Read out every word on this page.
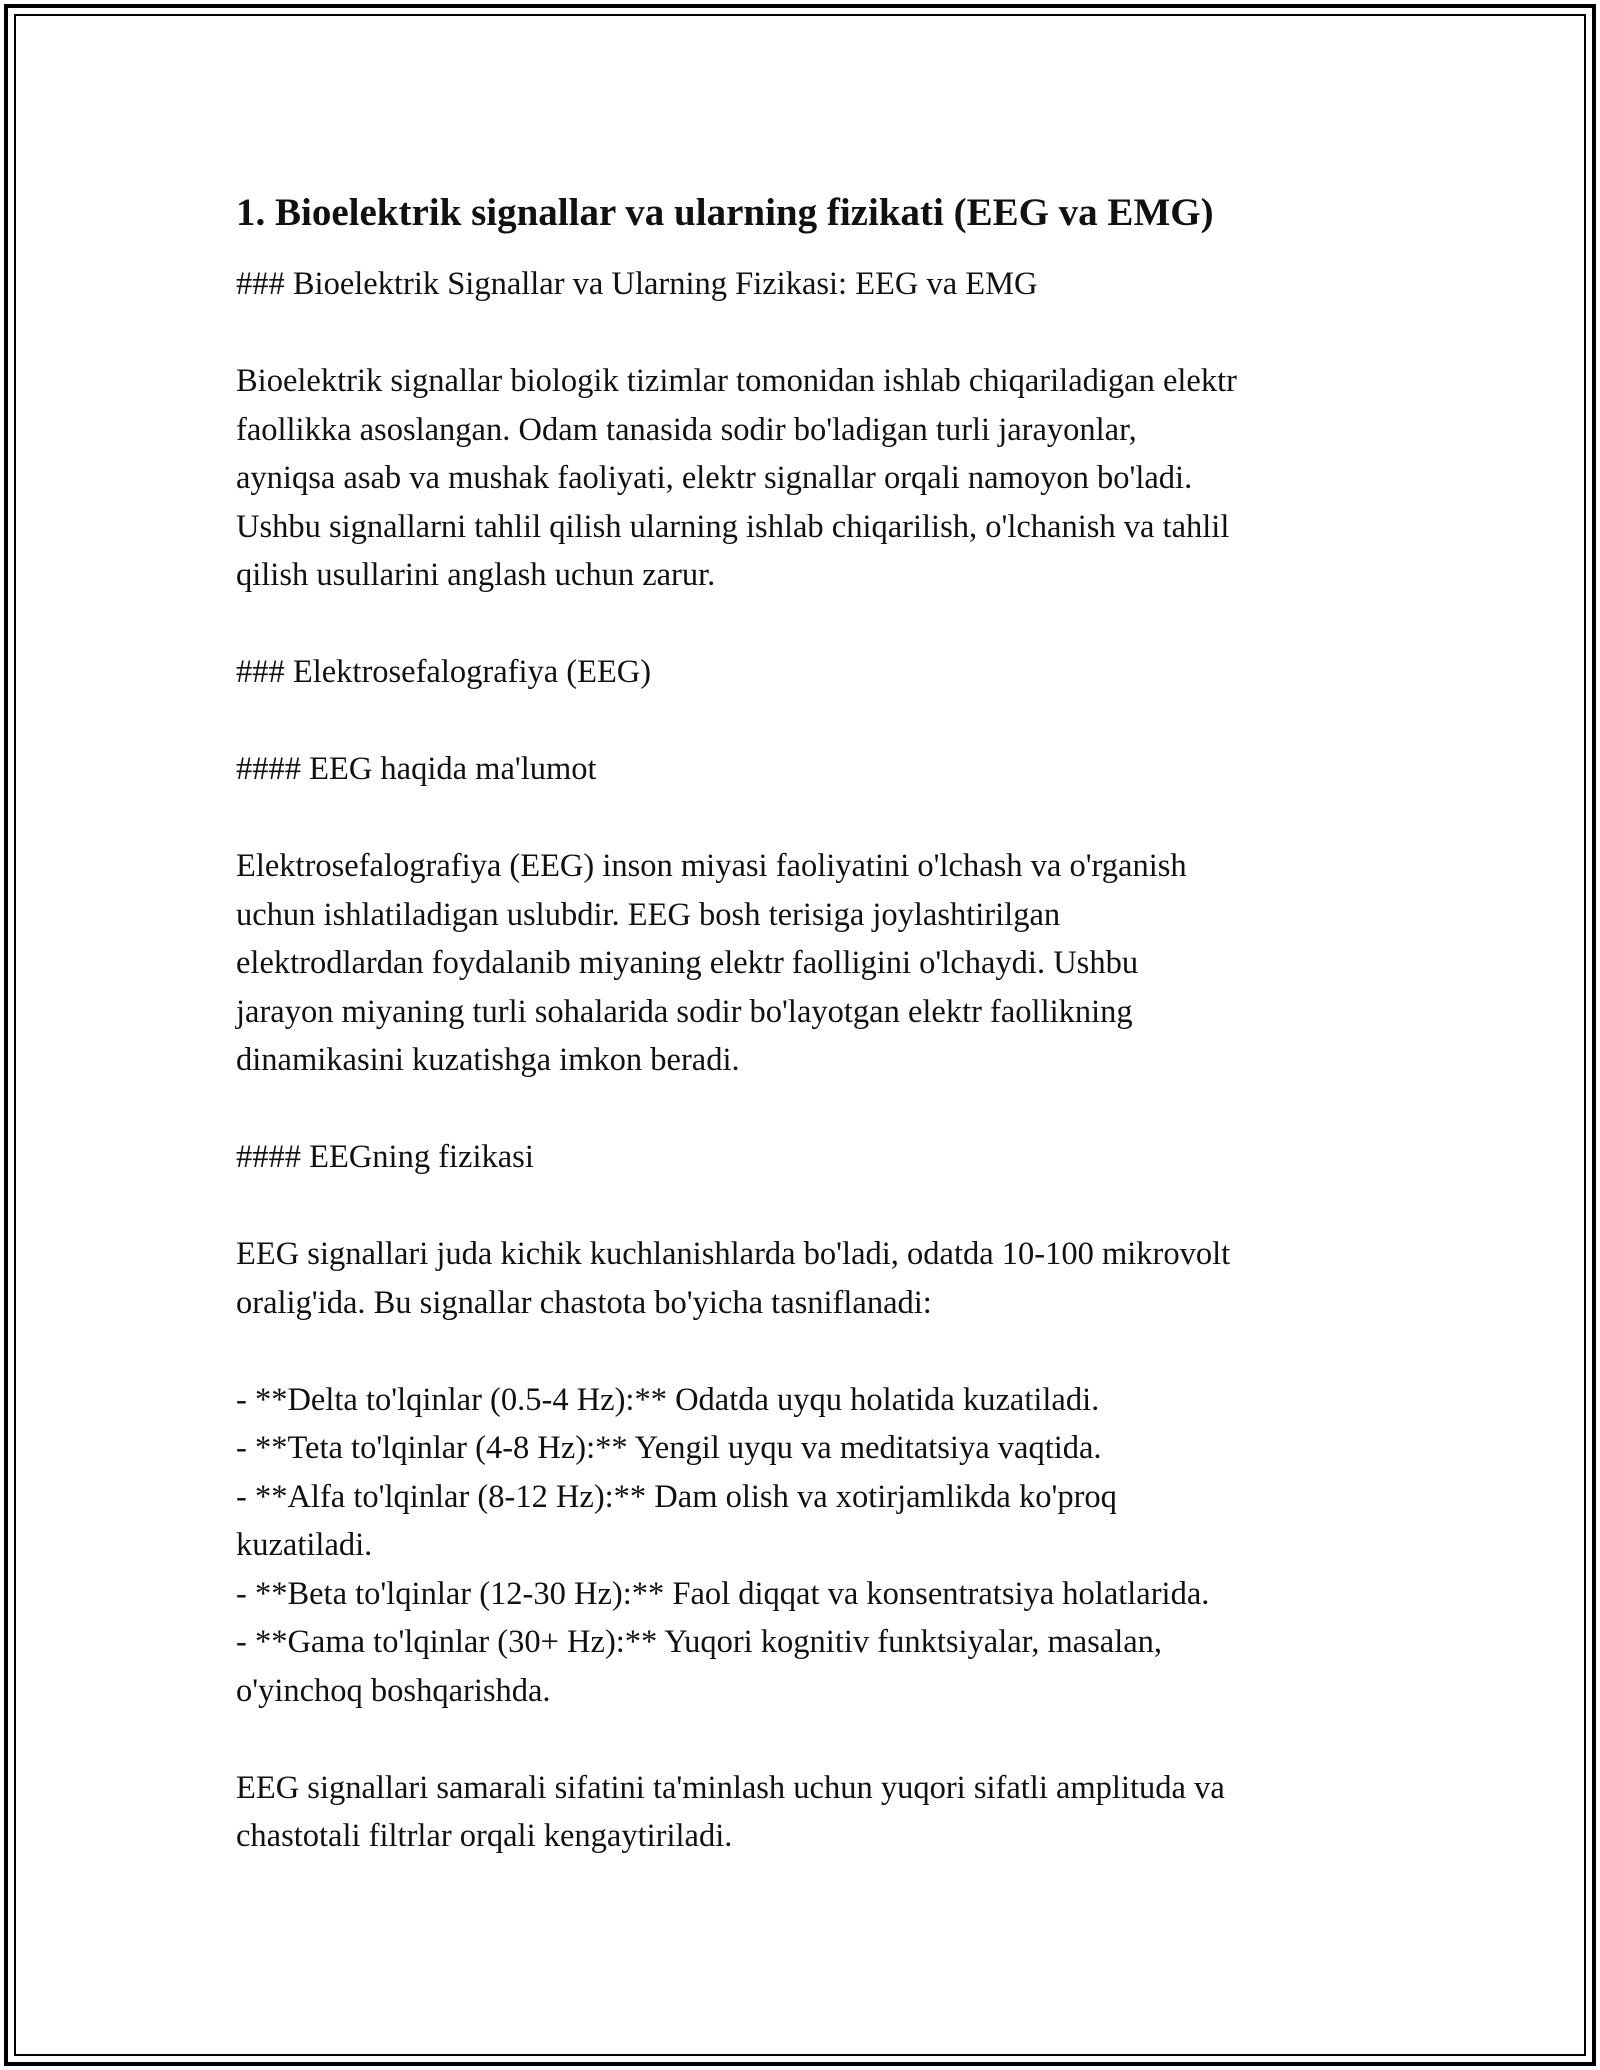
1. Bioelektrik signallar va ularning fizikati (EEG va EMG)

### Bioelektrik Signallar va Ularning Fizikasi: EEG va EMG

Bioelektrik signallar biologik tizimlar tomonidan ishlab chiqariladigan elektr

faollikka asoslangan. Odam tanasida sodir bo'ladigan turli jarayonlar,

ayniqsa asab va mushak faoliyati, elektr signallar orqali namoyon bo'ladi.

Ushbu signallarni tahlil qilish ularning ishlab chiqarilish, o'lchanish va tahlil

qilish usullarini anglash uchun zarur.

### Elektrosefalografiya (EEG)

#### EEG haqida ma'lumot

Elektrosefalografiya (EEG) inson miyasi faoliyatini o'lchash va o'rganish

uchun ishlatiladigan uslubdir. EEG bosh terisiga joylashtirilgan

elektrodlardan foydalanib miyaning elektr faolligini o'lchaydi. Ushbu

jarayon miyaning turli sohalarida sodir bo'layotgan elektr faollikning

dinamikasini kuzatishga imkon beradi.

#### EEGning fizikasi

EEG signallari juda kichik kuchlanishlarda bo'ladi, odatda 10-100 mikrovolt

oralig'ida. Bu signallar chastota bo'yicha tasniflanadi:

- **Delta to'lqinlar (0.5-4 Hz):** Odatda uyqu holatida kuzatiladi.

- **Teta to'lqinlar (4-8 Hz):** Yengil uyqu va meditatsiya vaqtida.

- **Alfa to'lqinlar (8-12 Hz):** Dam olish va xotirjamlikda ko'proq

kuzatiladi.

- **Beta to'lqinlar (12-30 Hz):** Faol diqqat va konsentratsiya holatlarida.

- **Gama to'lqinlar (30+ Hz):** Yuqori kognitiv funktsiyalar, masalan,

o'yinchoq boshqarishda.

EEG signallari samarali sifatini ta'minlash uchun yuqori sifatli amplituda va

chastotali filtrlar orqali kengaytiriladi.
